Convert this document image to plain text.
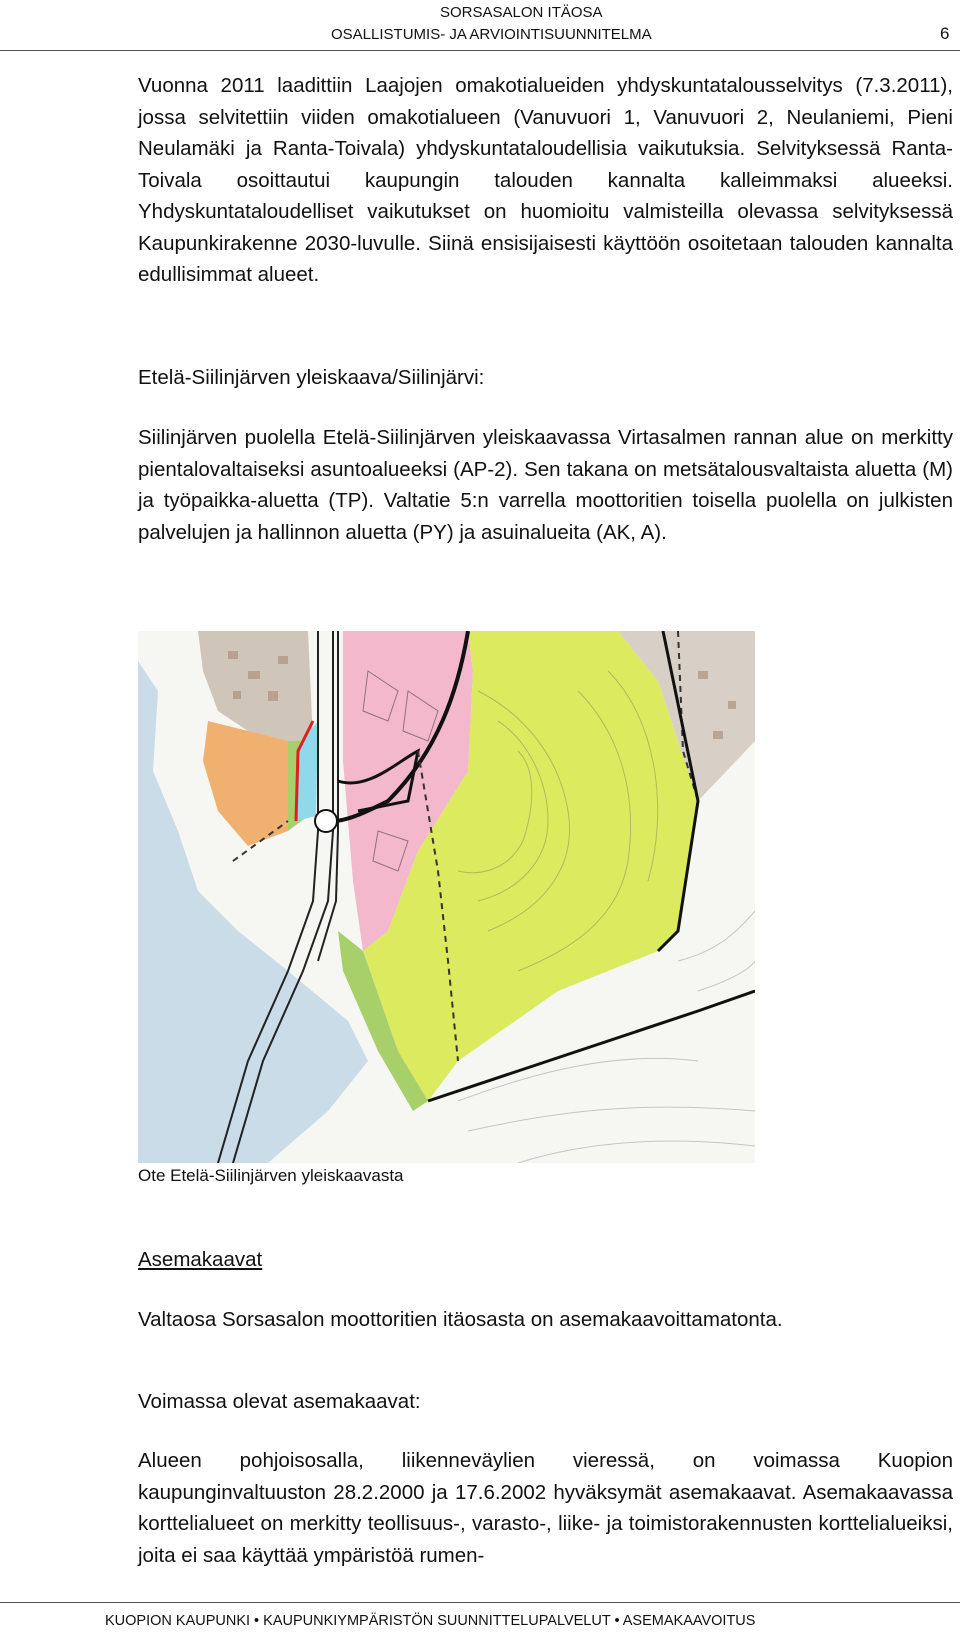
SORSASALON ITÄOSA
OSALLISTUMIS- JA ARVIOINTISUUNNITELMA	6
Vuonna 2011 laadittiin Laajojen omakotialueiden yhdyskuntatalousselvitys (7.3.2011), jossa selvitettiin viiden omakotialueen (Vanuvuori 1, Vanuvuori 2, Neulaniemi, Pieni Neulamäki ja Ranta-Toivala) yhdyskuntataloudellisia vaikutuksia. Selvityksessä Ranta-Toivala osoittautui kaupungin talouden kannalta kalleimmaksi alueeksi. Yhdyskuntataloudelliset vaikutukset on huomioitu valmisteilla olevassa selvityksessä Kaupunkirakenne 2030-luvulle. Siinä ensisijaisesti käyttöön osoitetaan talouden kannalta edullisimmat alueet.
Etelä-Siilinjärven yleiskaava/Siilinjärvi:
Siilinjärven puolella Etelä-Siilinjärven yleiskaavassa Virtasalmen rannan alue on merkitty pientalovaltaiseksi asuntoalueeksi (AP-2). Sen takana on metsätalousvaltaista aluetta (M) ja työpaikka-aluetta (TP). Valtatie 5:n varrella moottoritien toisella puolella on julkisten palvelujen ja hallinnon aluetta (PY) ja asuinalueita (AK, A).
Ote Etelä-Siilinjärven yleiskaavasta
Asemakaavat
Valtaosa Sorsasalon moottoritien itäosasta on asemakaavoittamatonta.
Voimassa olevat asemakaavat:
Alueen pohjoisosalla, liikenneväylien vieressä, on voimassa Kuopion kaupunginvaltuuston 28.2.2000 ja 17.6.2002 hyväksymät asemakaavat. Asemakaavassa korttelialueet on merkitty teollisuus-, varasto-, liike- ja toimistorakennusten korttelialueiksi, joita ei saa käyttää ympäristöä rumen-
KUOPION KAUPUNKI • KAUPUNKIYMPÄRISTÖN SUUNNITTELUPALVELUT • ASEMAKAAVOITUS
